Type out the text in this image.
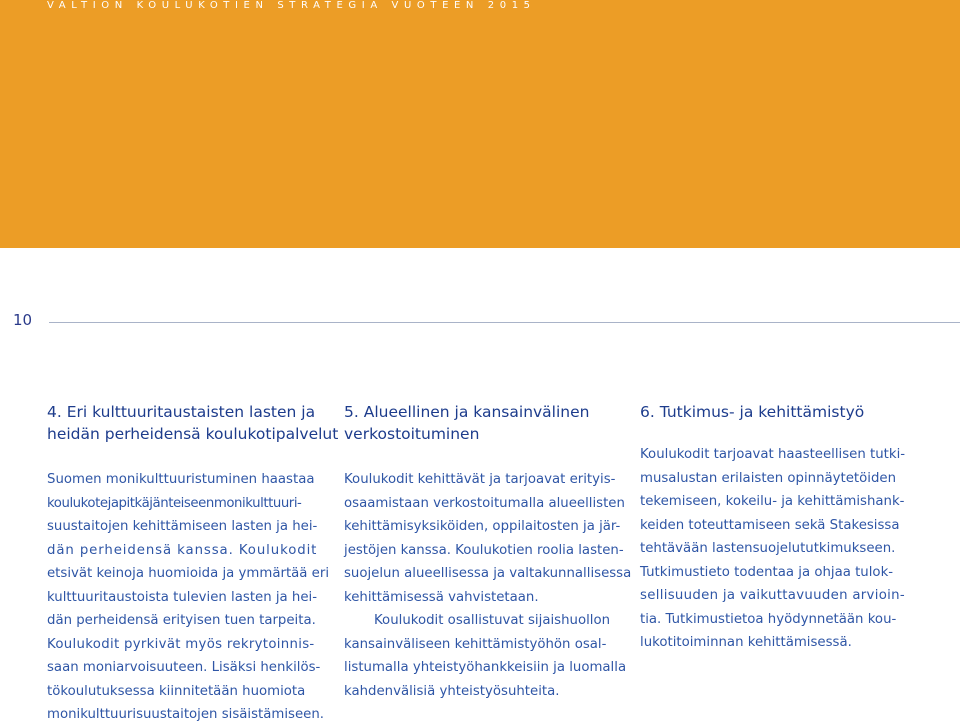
VALTION KOULUKOTIEN STRATEGIA VUOTEEN 2015
10
4. Eri kulttuuritaustaisten lasten ja
heidän perheidensä koulukotipalvelut

Suomen monikulttuuristuminen haastaa

koulukotejapitkäjänteiseenmonikulttuuri-

suustaitojen kehittämiseen lasten ja hei-

dän perheidensä kanssa. Koulukodit

etsivät keinoja huomioida ja ymmärtää eri

kulttuuritaustoista tulevien lasten ja hei-

dän perheidensä erityisen tuen tarpeita.

Koulukodit pyrkivät myös rekrytoinnis-

saan moniarvoisuuteen. Lisäksi henkilös-

tökoulutuksessa kiinnitetään huomiota

monikulttuurisuustaitojen sisäistämiseen.

5. Alueellinen ja kansainvälinen
verkostoituminen

Koulukodit kehittävät ja tarjoavat erityis-

osaamistaan verkostoitumalla alueellisten

kehittämisyksiköiden, oppilaitosten ja jär-

jestöjen kanssa. Koulukotien roolia lasten-

suojelun alueellisessa ja valtakunnallisessa

kehittämisessä vahvistetaan.

Koulukodit osallistuvat sijaishuollon

kansainväliseen kehittämistyöhön osal-

listumalla yhteistyöhankkeisiin ja luomalla

kahdenvälisiä yhteistyösuhteita.

6. Tutkimus- ja kehittämistyö

Koulukodit tarjoavat haasteellisen tutki-

musalustan erilaisten opinnäytetöiden

tekemiseen, kokeilu- ja kehittämishank-

keiden toteuttamiseen sekä Stakesissa

tehtävään lastensuojelututkimukseen.

Tutkimustieto todentaa ja ohjaa tulok-

sellisuuden ja vaikuttavuuden arvioin-

tia. Tutkimustietoa hyödynnetään kou-

lukotitoiminnan kehittämisessä.
